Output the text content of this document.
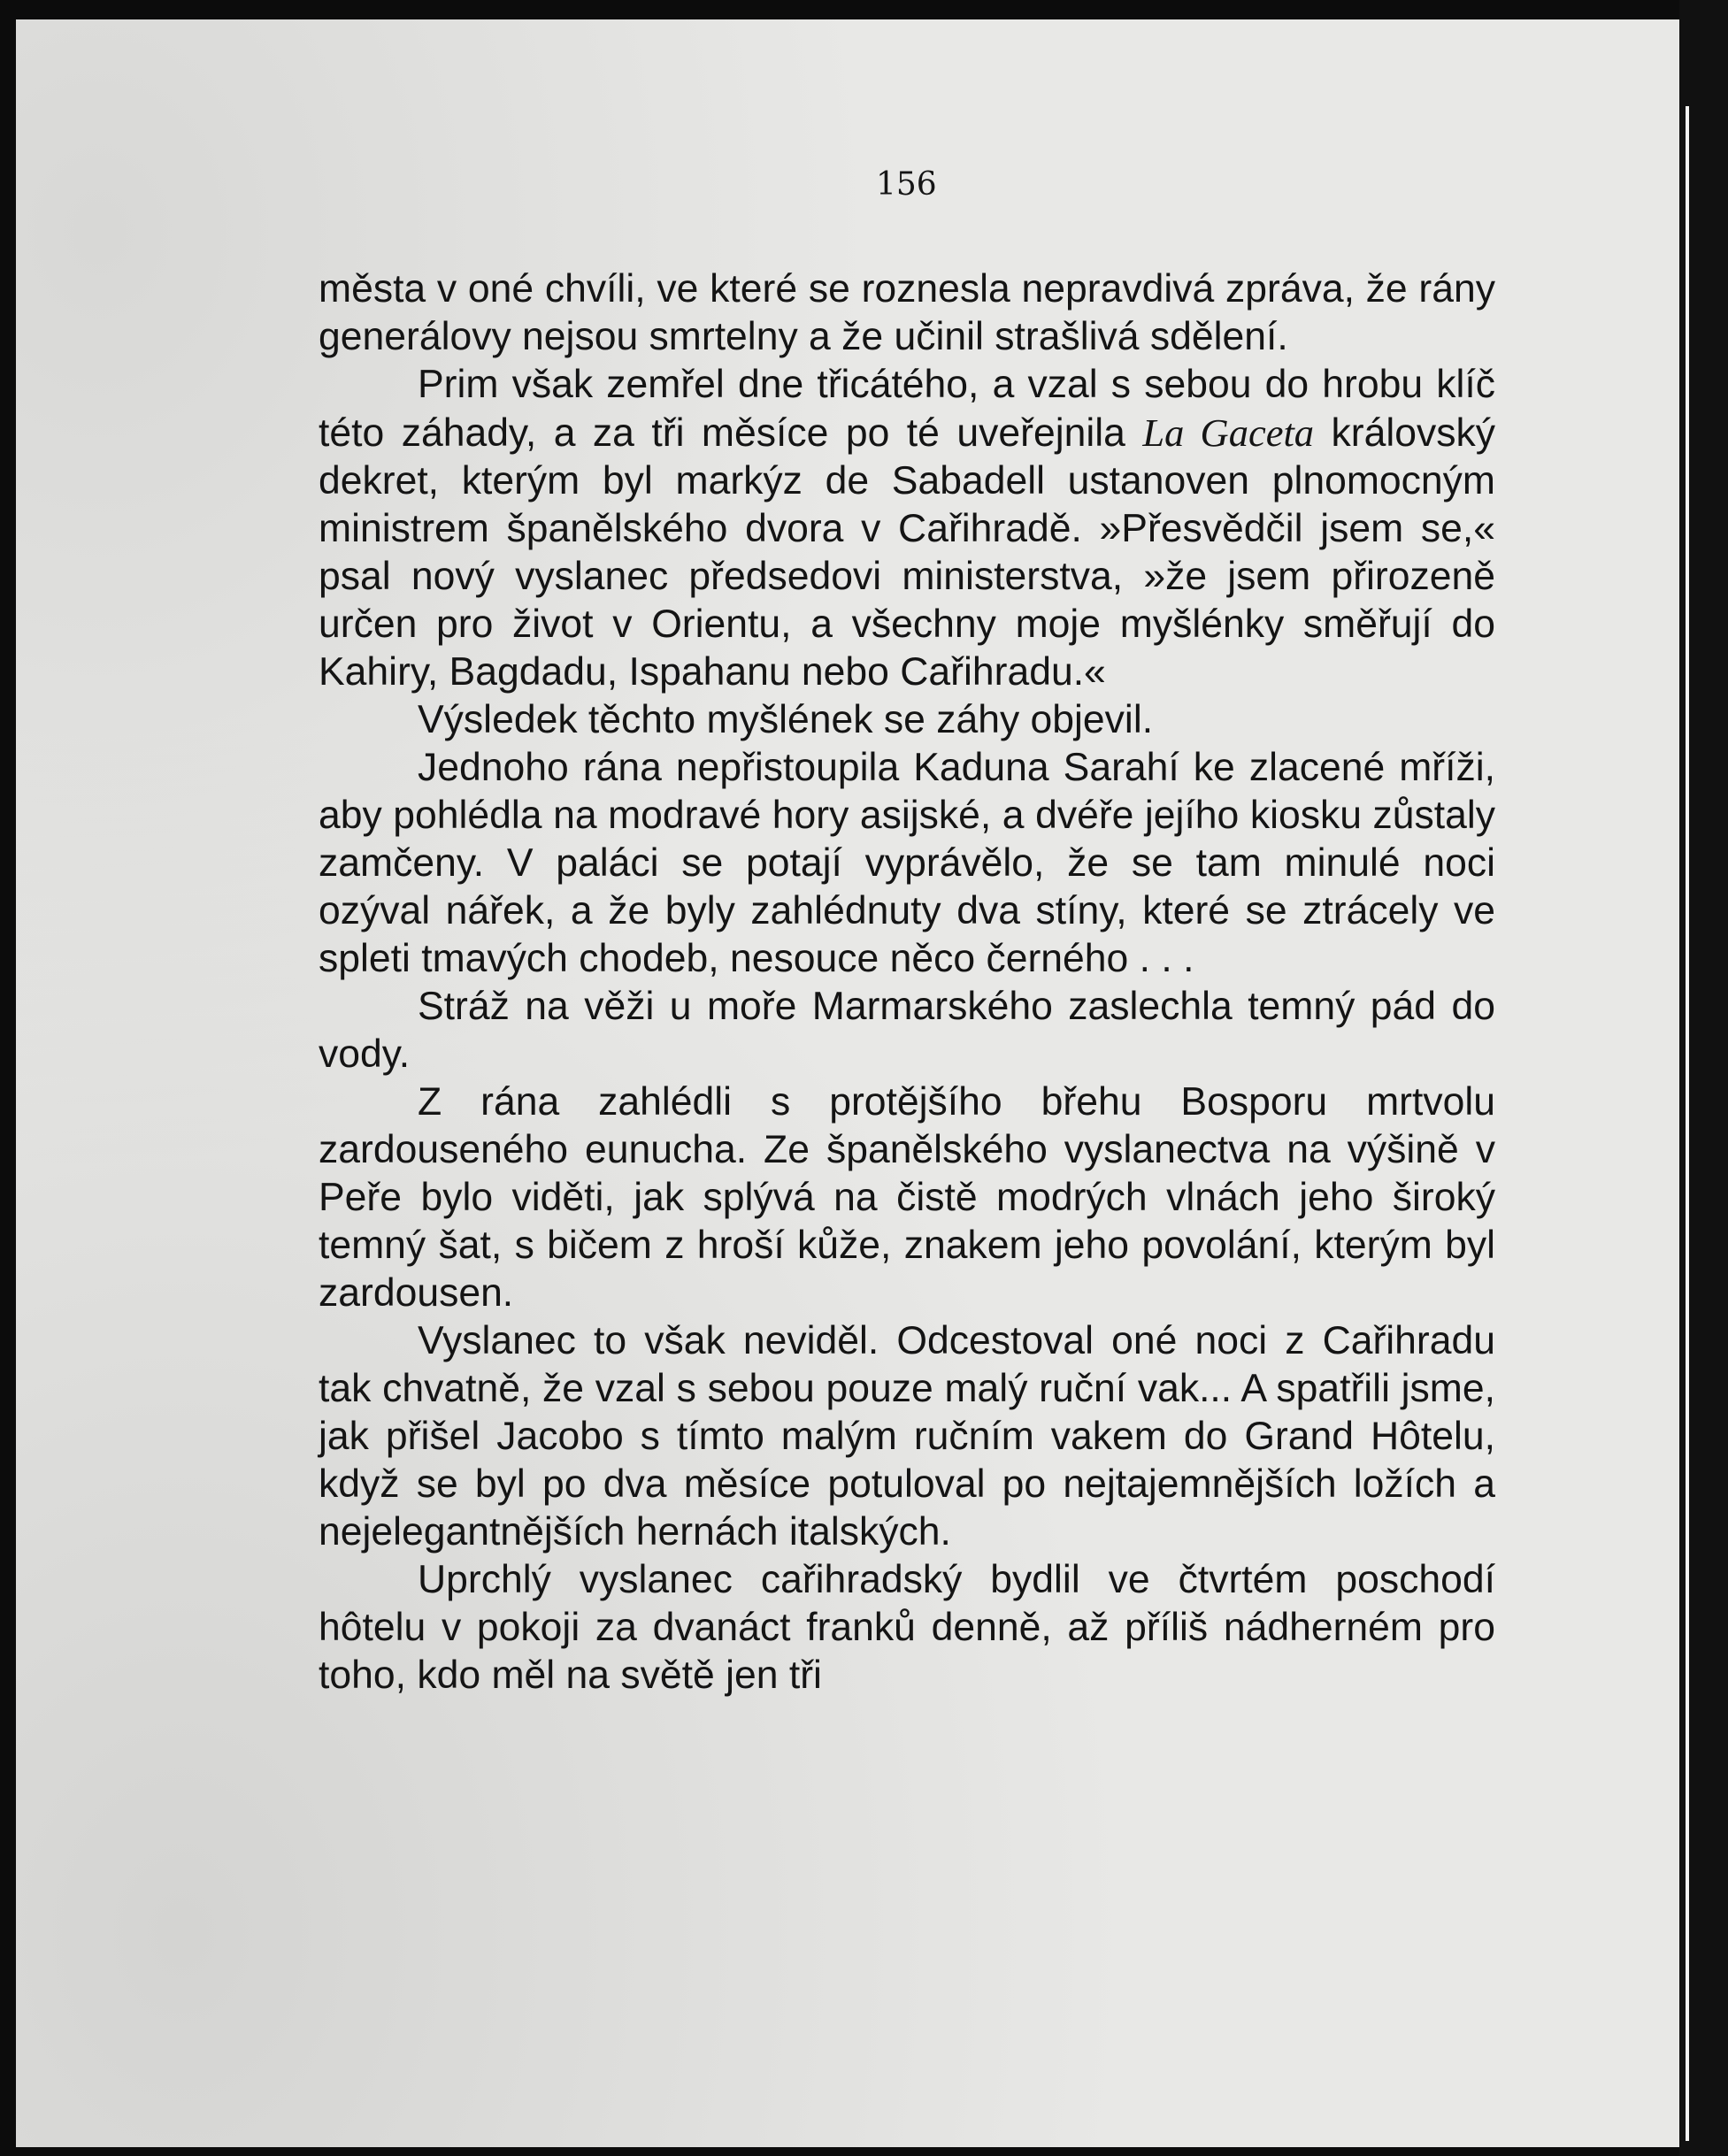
156

města v oné chvíli, ve které se roznesla nepravdivá zpráva, že rány generálovy nejsou smrtelny a že učinil strašlivá sdělení.

Prim však zemřel dne třicátého, a vzal s sebou do hrobu klíč této záhady, a za tři měsíce po té uveřejnila La Gaceta královský dekret, kterým byl markýz de Sabadell ustanoven plnomocným ministrem španělského dvora v Cařihradě. »Přesvědčil jsem se,« psal nový vyslanec předsedovi ministerstva, »že jsem přirozeně určen pro život v Orientu, a všechny moje myšlénky směřují do Kahiry, Bagdadu, Ispahanu nebo Cařihradu.«

Výsledek těchto myšlének se záhy objevil.

Jednoho rána nepřistoupila Kaduna Sarahí ke zlacené mříži, aby pohlédla na modravé hory asijské, a dvéře jejího kiosku zůstaly zamčeny. V paláci se potají vyprávělo, že se tam minulé noci ozýval nářek, a že byly zahlédnuty dva stíny, které se ztrácely ve spleti tmavých chodeb, nesouce něco černého . . .

Stráž na věži u moře Marmarského zaslechla temný pád do vody.

Z rána zahlédli s protějšího břehu Bosporu mrtvolu zardouseného eunucha. Ze španělského vyslanectva na výšině v Peře bylo viděti, jak splývá na čistě modrých vlnách jeho široký temný šat, s bičem z hroší kůže, znakem jeho povolání, kterým byl zardousen.

Vyslanec to však neviděl. Odcestoval oné noci z Cařihradu tak chvatně, že vzal s sebou pouze malý ruční vak... A spatřili jsme, jak přišel Jacobo s tímto malým ručním vakem do Grand Hôtelu, když se byl po dva měsíce potuloval po nejtajemnějších ložích a nejelegantnějších hernách italských.

Uprchlý vyslanec cařihradský bydlil ve čtvrtém poschodí hôtelu v pokoji za dvanáct franků denně, až příliš nádherném pro toho, kdo měl na světě jen tři
